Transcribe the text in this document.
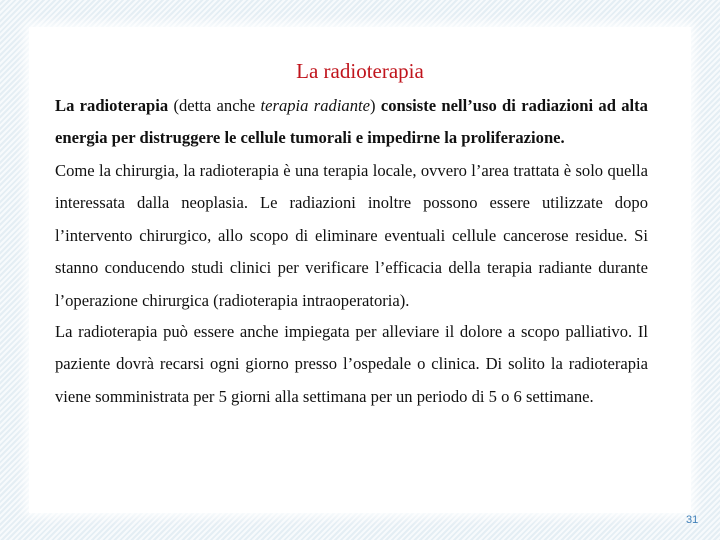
La radioterapia

La radioterapia (detta anche terapia radiante) consiste nell’uso di radiazioni ad alta energia per distruggere le cellule tumorali e impedirne la proliferazione.

Come la chirurgia, la radioterapia è una terapia locale, ovvero l’area trattata è solo quella interessata dalla neoplasia. Le radiazioni inoltre possono essere utilizzate dopo l’intervento chirurgico, allo scopo di eliminare eventuali cellule cancerose residue. Si stanno conducendo studi clinici per verificare l’efficacia della terapia radiante durante l’operazione chirurgica (radioterapia intraoperatoria).

La radioterapia può essere anche impiegata per alleviare il dolore a scopo palliativo. Il paziente dovrà recarsi ogni giorno presso l’ospedale o clinica. Di solito la radioterapia viene somministrata per 5 giorni alla settimana per un periodo di 5 o 6 settimane.

31
